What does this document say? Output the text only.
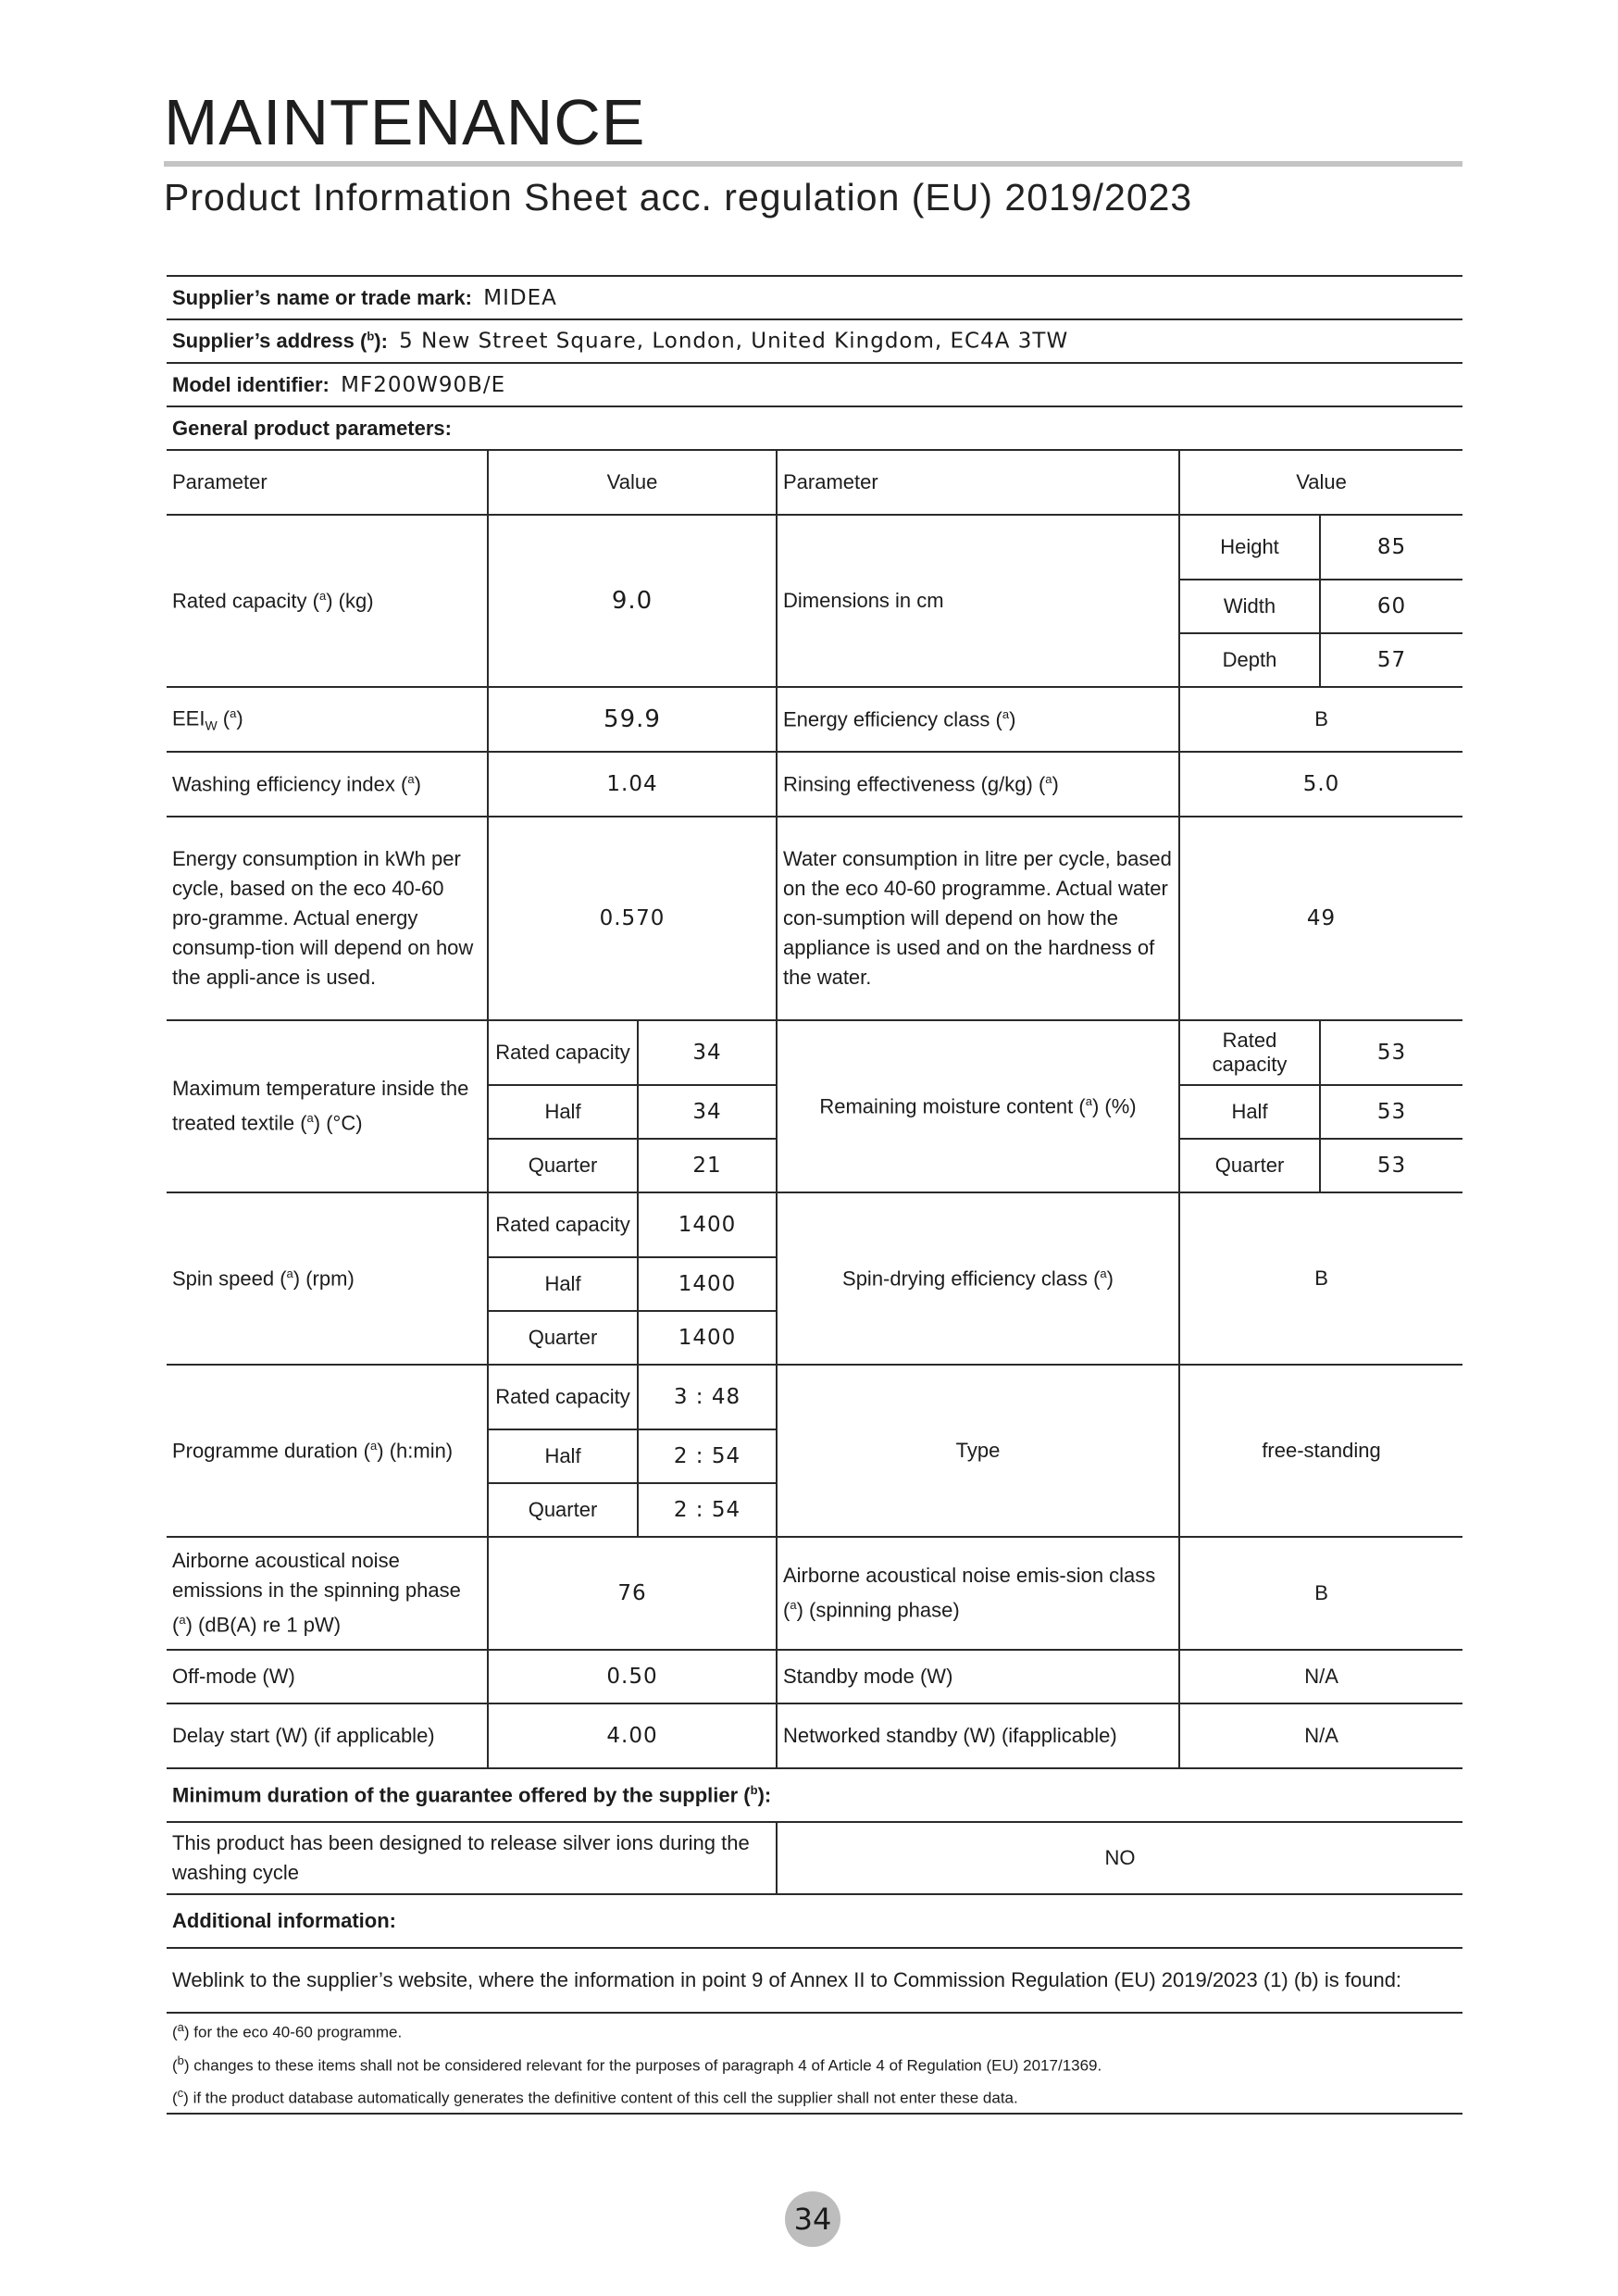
MAINTENANCE
Product Information Sheet acc. regulation (EU) 2019/2023
Supplier’s name or trade mark: MIDEA					
Supplier’s address ($^b$): 5 New Street Square, London, United Kingdom, EC4A 3TW					
Model identifier: MF200W90B/E					
General product parameters:					
Parameter	Value		Parameter	Value	
Rated capacity ($^a$) (kg)	9.0		Dimensions in cm	Height	85
				Width	60
				Depth	57
$EEI_W$ ($^a$)	59.9		Energy efficiency class ($^a$)	B	
Washing efficiency index ($^a$)	1.04		Rinsing effectiveness (g/kg) ($^a$)	5.0	
Energy consumption in kWh per cycle, based on the eco 40-60 pro-gramme. Actual energy consump-tion will depend on how the appli-ance is used.	0.570		Water consumption in litre per cycle, based on the eco 40-60 programme. Actual water con-sumption will depend on how the appliance is used and on the hardness of the water.	49	
Maximum temperature inside the treated textile ($^a$) (°C)	Rated capacity	34	Remaining moisture content ($^a$) (%)	Rated capacity	53
	Half	34		Half	53
	Quarter	21		Quarter	53
Spin speed ($^a$) (rpm)	Rated capacity	1400	Spin-drying efficiency class ($^a$)	B	
	Half	1400			
	Quarter	1400			
Programme duration ($^a$) (h:min)	Rated capacity	3 : 48	Type	free-standing	
	Half	2 : 54			
	Quarter	2 : 54			
Airborne acoustical noise emissions in the spinning phase ($^a$) (dB(A) re 1 pW)	76		Airborne acoustical noise emis-sion class ($^a$) (spinning phase)	B	
Off-mode (W)	0.50		Standby mode (W)	N/A	
Delay start (W) (if applicable)	4.00		Networked standby (W) (ifapplicable)	N/A	
Minimum duration of the guarantee offered by the supplier ($^b$):					
This product has been designed to release silver ions during the washing cycle			NO		
Additional information:					
Weblink to the supplier’s website, where the information in point 9 of Annex II to Commission Regulation (EU) 2019/2023 (1) (b) is found:					

($^a$) for the eco 40-60 programme.
($^b$) changes to these items shall not be considered relevant for the purposes of paragraph 4 of Article 4 of Regulation (EU) 2017/1369.
($^c$) if the product database automatically generates the definitive content of this cell the supplier shall not enter these data.					
34
